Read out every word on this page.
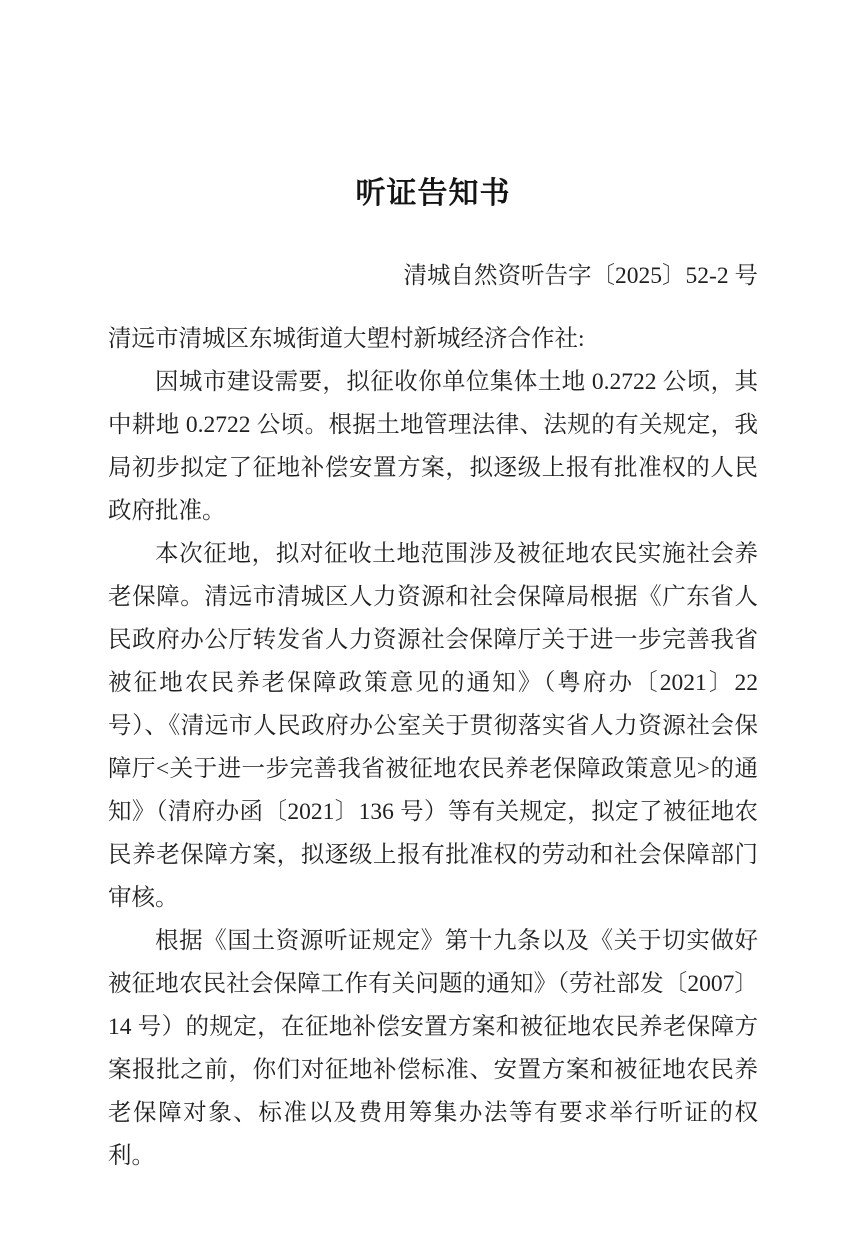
听证告知书
清城自然资听告字〔2025〕52-2 号

清远市清城区东城街道大塱村新城经济合作社:

因城市建设需要，拟征收你单位集体土地 0.2722 公顷，其中耕地 0.2722 公顷。根据土地管理法律、法规的有关规定，我局初步拟定了征地补偿安置方案，拟逐级上报有批准权的人民政府批准。

本次征地，拟对征收土地范围涉及被征地农民实施社会养老保障。清远市清城区人力资源和社会保障局根据《广东省人民政府办公厅转发省人力资源社会保障厅关于进一步完善我省被征地农民养老保障政策意见的通知》（粤府办〔2021〕22 号）、《清远市人民政府办公室关于贯彻落实省人力资源社会保障厅<关于进一步完善我省被征地农民养老保障政策意见>的通知》（清府办函〔2021〕136 号）等有关规定，拟定了被征地农民养老保障方案，拟逐级上报有批准权的劳动和社会保障部门审核。

根据《国土资源听证规定》第十九条以及《关于切实做好被征地农民社会保障工作有关问题的通知》（劳社部发〔2007〕14 号）的规定，在征地补偿安置方案和被征地农民养老保障方案报批之前，你们对征地补偿标准、安置方案和被征地农民养老保障对象、标准以及费用筹集办法等有要求举行听证的权利。
